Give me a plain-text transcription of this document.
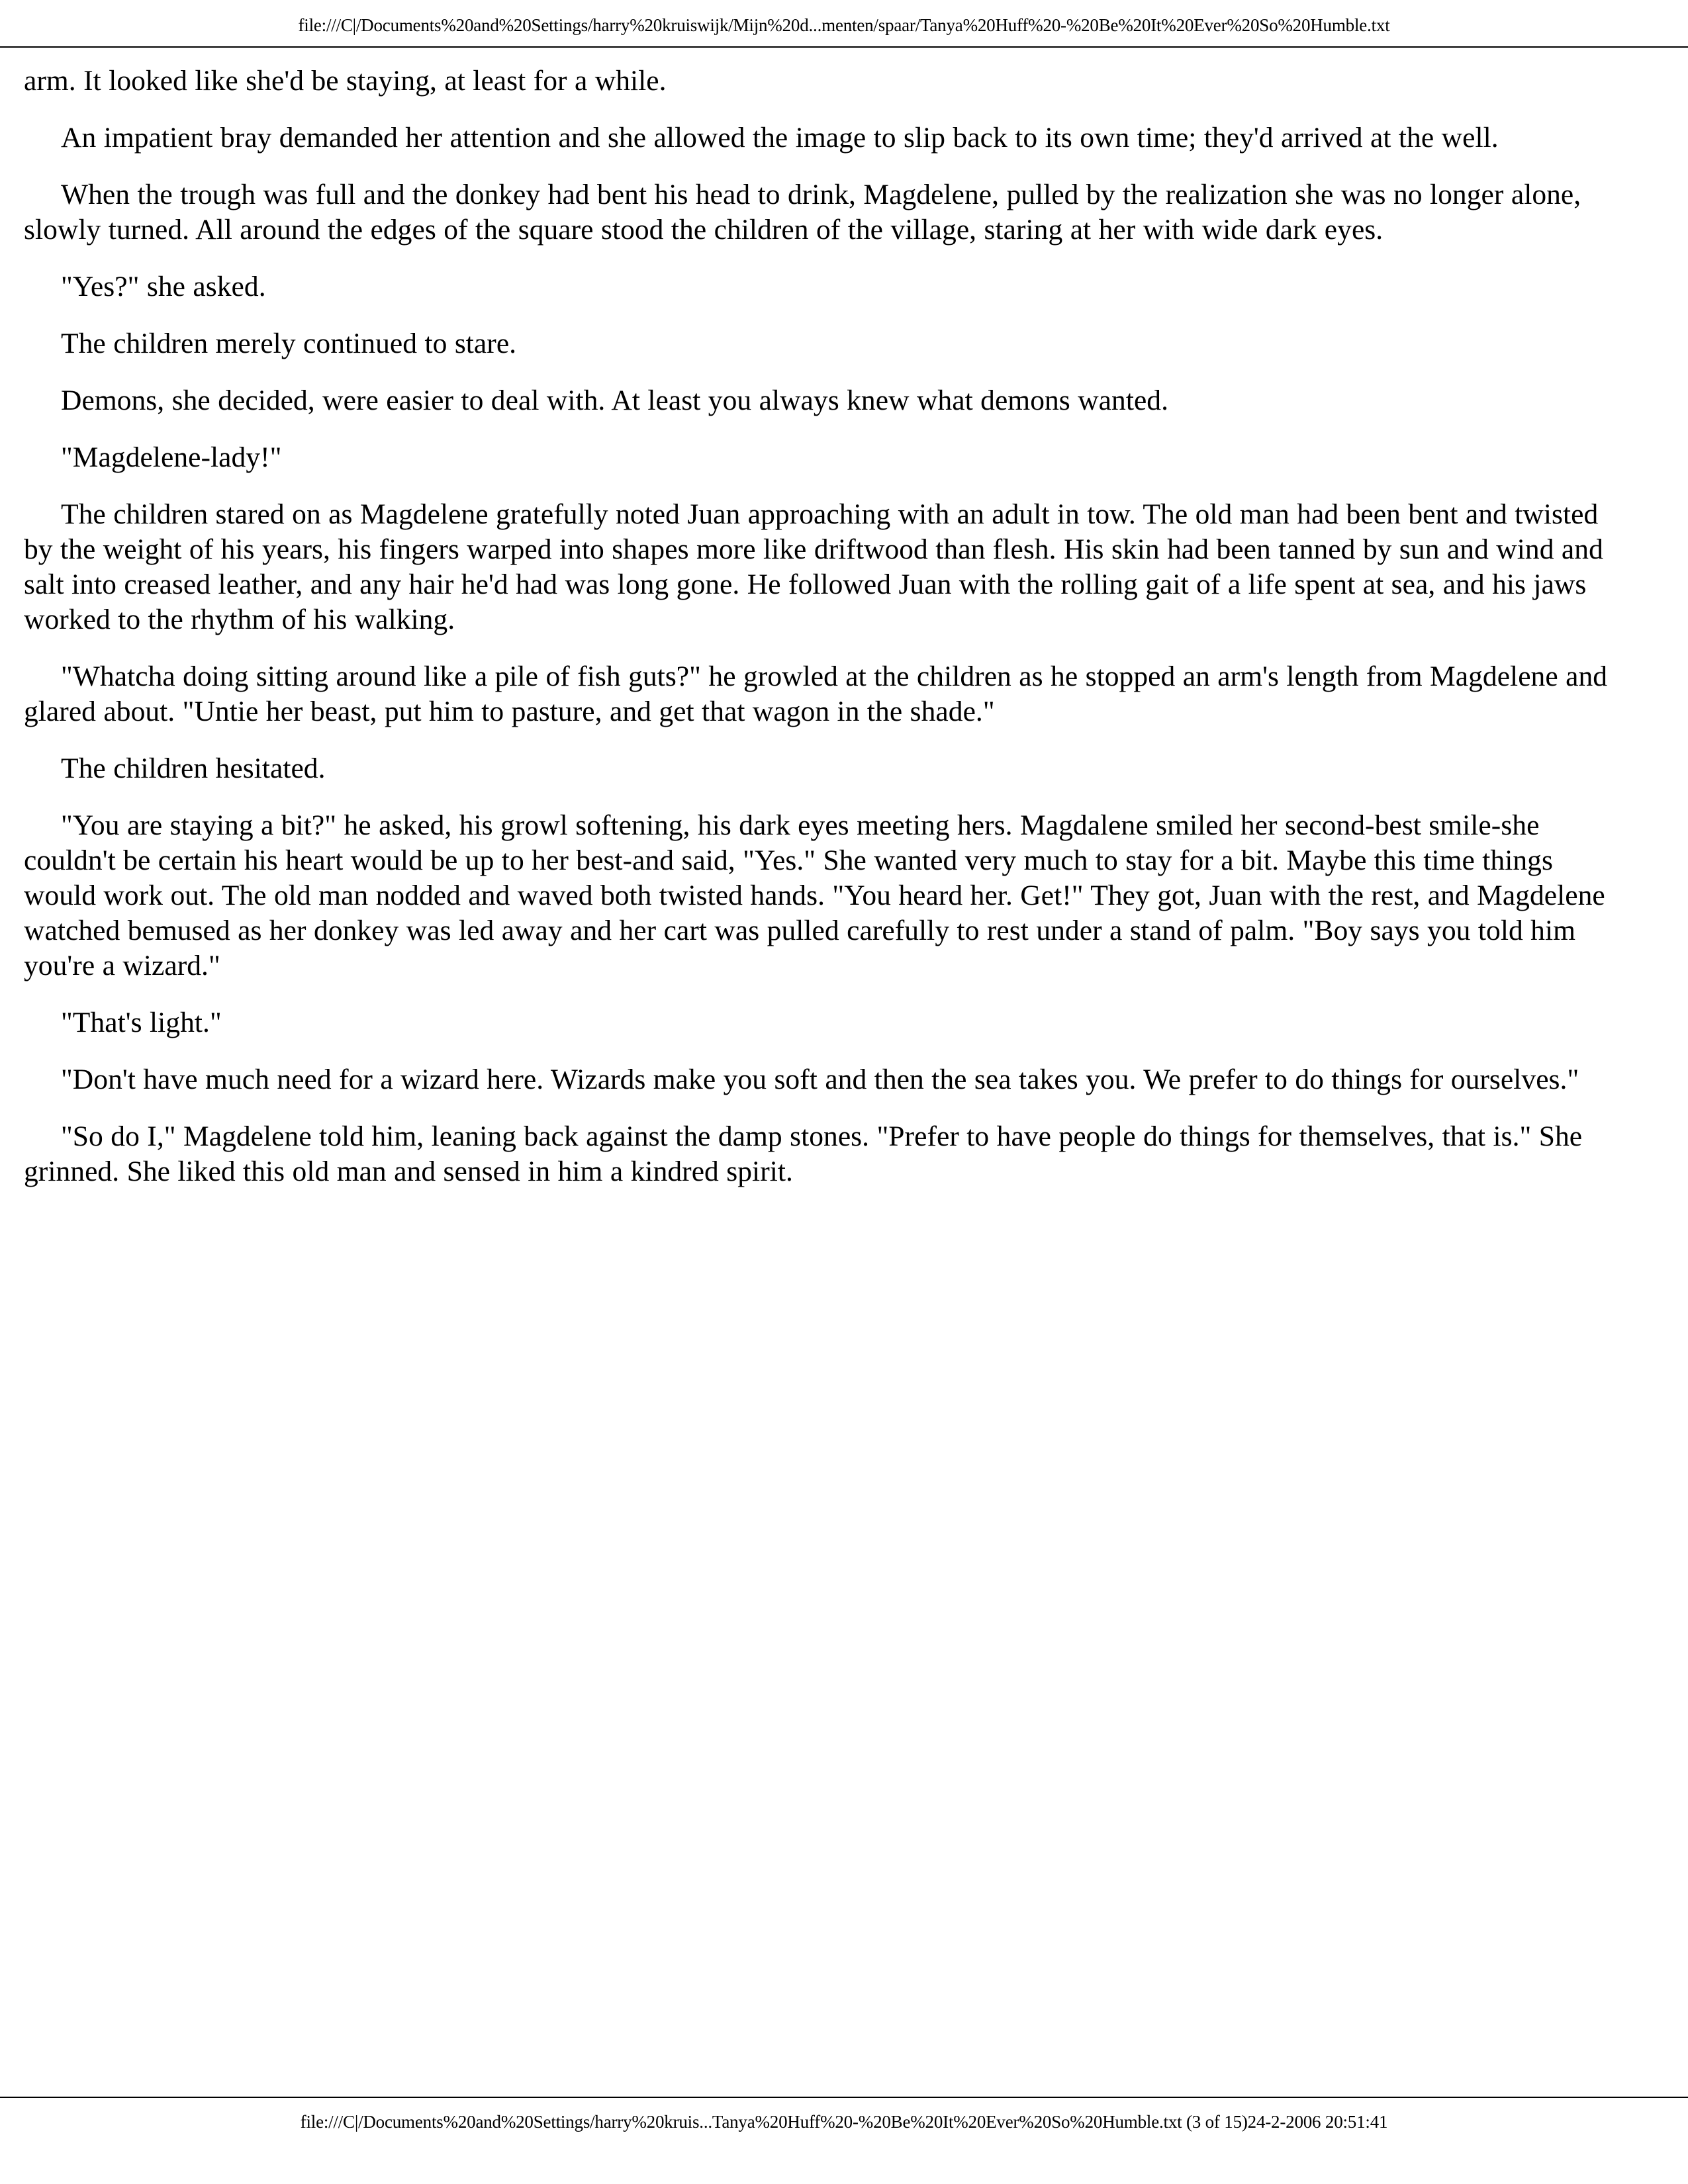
file:///C|/Documents%20and%20Settings/harry%20kruiswijk/Mijn%20d...menten/spaar/Tanya%20Huff%20-%20Be%20It%20Ever%20So%20Humble.txt

arm. It looked like she'd be staying, at least for a while.

An impatient bray demanded her attention and she allowed the image to slip back to its own time; they'd arrived at the well.

When the trough was full and the donkey had bent his head to drink, Magdelene, pulled by the realization she was no longer alone, slowly turned. All around the edges of the square stood the children of the village, staring at her with wide dark eyes.

"Yes?" she asked.

The children merely continued to stare.

Demons, she decided, were easier to deal with. At least you always knew what demons wanted.

"Magdelene-lady!"

The children stared on as Magdelene gratefully noted Juan approaching with an adult in tow. The old man had been bent and twisted by the weight of his years, his fingers warped into shapes more like driftwood than flesh. His skin had been tanned by sun and wind and salt into creased leather, and any hair he'd had was long gone. He followed Juan with the rolling gait of a life spent at sea, and his jaws worked to the rhythm of his walking.

"Whatcha doing sitting around like a pile of fish guts?" he growled at the children as he stopped an arm's length from Magdelene and glared about. "Untie her beast, put him to pasture, and get that wagon in the shade."

The children hesitated.

"You are staying a bit?" he asked, his growl softening, his dark eyes meeting hers. Magdalene smiled her second-best smile-she couldn't be certain his heart would be up to her best-and said, "Yes." She wanted very much to stay for a bit. Maybe this time things would work out. The old man nodded and waved both twisted hands. "You heard her. Get!" They got, Juan with the rest, and Magdelene watched bemused as her donkey was led away and her cart was pulled carefully to rest under a stand of palm. "Boy says you told him you're a wizard."

"That's light."

"Don't have much need for a wizard here. Wizards make you soft and then the sea takes you. We prefer to do things for ourselves."

"So do I," Magdelene told him, leaning back against the damp stones. "Prefer to have people do things for themselves, that is." She grinned. She liked this old man and sensed in him a kindred spirit.

file:///C|/Documents%20and%20Settings/harry%20kruis...Tanya%20Huff%20-%20Be%20It%20Ever%20So%20Humble.txt (3 of 15)24-2-2006 20:51:41
